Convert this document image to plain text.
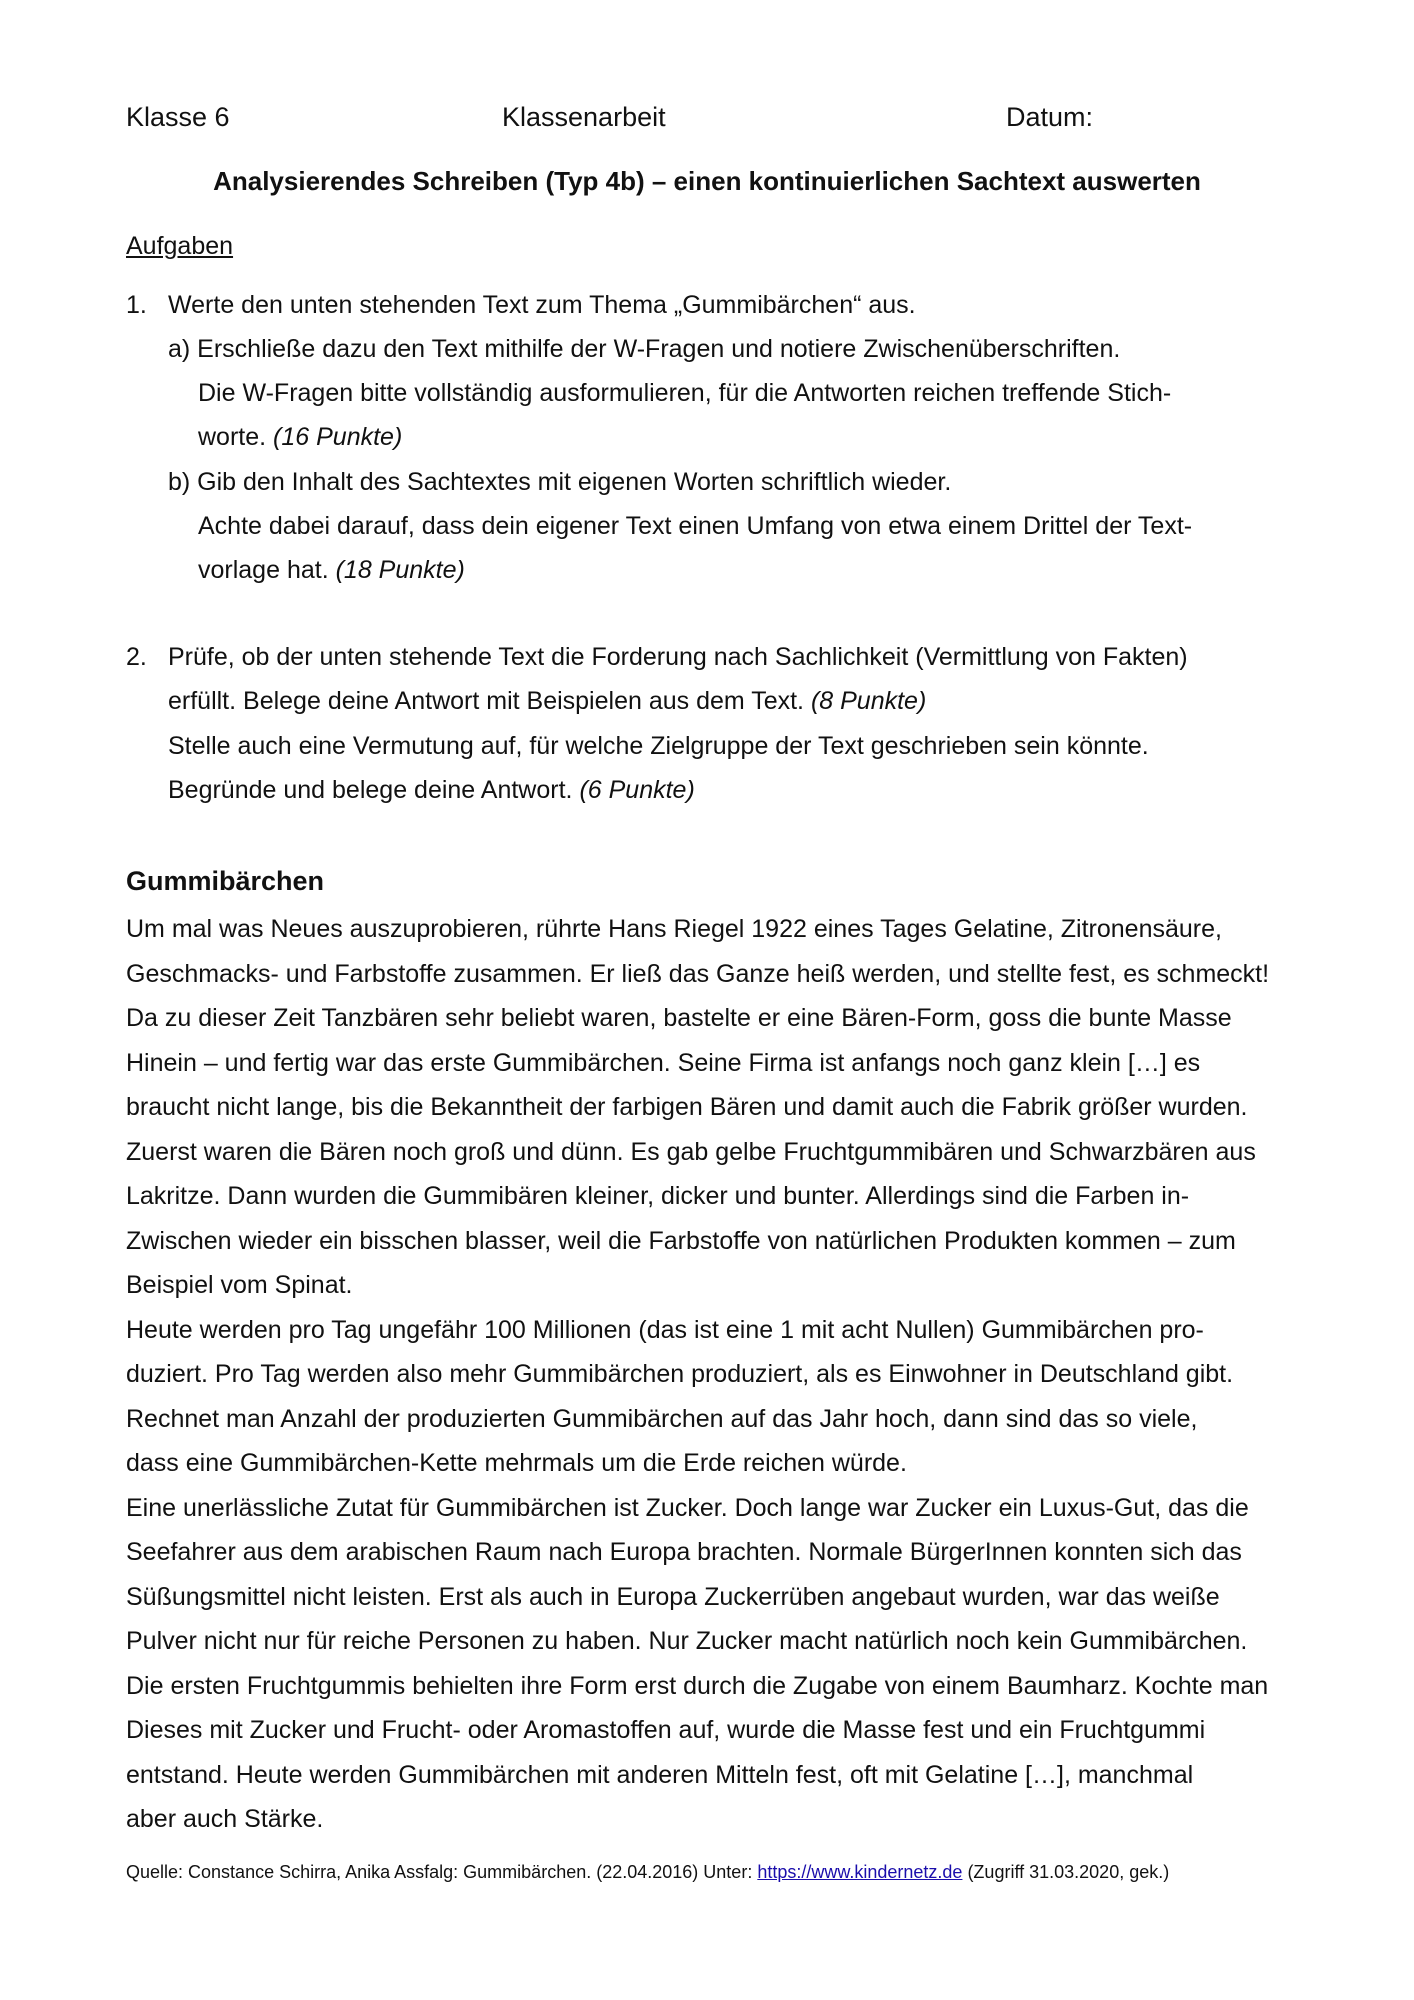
Klasse 6	Klassenarbeit	Datum:
Analysierendes Schreiben (Typ 4b) – einen kontinuierlichen Sachtext auswerten
Aufgaben
1. Werte den unten stehenden Text zum Thema „Gummibärchen“ aus.
a) Erschließe dazu den Text mithilfe der W-Fragen und notiere Zwischenüberschriften.
Die W-Fragen bitte vollständig ausformulieren, für die Antworten reichen treffende Stich-
worte. (16 Punkte)
b) Gib den Inhalt des Sachtextes mit eigenen Worten schriftlich wieder.
Achte dabei darauf, dass dein eigener Text einen Umfang von etwa einem Drittel der Text-
vorlage hat. (18 Punkte)
2. Prüfe, ob der unten stehende Text die Forderung nach Sachlichkeit (Vermittlung von Fakten)
erfüllt. Belege deine Antwort mit Beispielen aus dem Text. (8 Punkte)
Stelle auch eine Vermutung auf, für welche Zielgruppe der Text geschrieben sein könnte.
Begründe und belege deine Antwort. (6 Punkte)
Gummibärchen
Um mal was Neues auszuprobieren, rührte Hans Riegel 1922 eines Tages Gelatine, Zitronensäure,
Geschmacks- und Farbstoffe zusammen. Er ließ das Ganze heiß werden, und stellte fest, es schmeckt!
Da zu dieser Zeit Tanzbären sehr beliebt waren, bastelte er eine Bären-Form, goss die bunte Masse
Hinein – und fertig war das erste Gummibärchen. Seine Firma ist anfangs noch ganz klein […] es
braucht nicht lange, bis die Bekanntheit der farbigen Bären und damit auch die Fabrik größer wurden.
Zuerst waren die Bären noch groß und dünn. Es gab gelbe Fruchtgummibären und Schwarzbären aus
Lakritze. Dann wurden die Gummibären kleiner, dicker und bunter. Allerdings sind die Farben in-
Zwischen wieder ein bisschen blasser, weil die Farbstoffe von natürlichen Produkten kommen – zum
Beispiel vom Spinat.
Heute werden pro Tag ungefähr 100 Millionen (das ist eine 1 mit acht Nullen) Gummibärchen pro-
duziert. Pro Tag werden also mehr Gummibärchen produziert, als es Einwohner in Deutschland gibt.
Rechnet man Anzahl der produzierten Gummibärchen auf das Jahr hoch, dann sind das so viele,
dass eine Gummibärchen-Kette mehrmals um die Erde reichen würde.
Eine unerlässliche Zutat für Gummibärchen ist Zucker. Doch lange war Zucker ein Luxus-Gut, das die
Seefahrer aus dem arabischen Raum nach Europa brachten. Normale BürgerInnen konnten sich das
Süßungsmittel nicht leisten. Erst als auch in Europa Zuckerrüben angebaut wurden, war das weiße
Pulver nicht nur für reiche Personen zu haben. Nur Zucker macht natürlich noch kein Gummibärchen.
Die ersten Fruchtgummis behielten ihre Form erst durch die Zugabe von einem Baumharz. Kochte man
Dieses mit Zucker und Frucht- oder Aromastoffen auf, wurde die Masse fest und ein Fruchtgummi
entstand. Heute werden Gummibärchen mit anderen Mitteln fest, oft mit Gelatine […], manchmal
aber auch Stärke.
Quelle: Constance Schirra, Anika Assfalg: Gummibärchen. (22.04.2016) Unter: https://www.kindernetz.de (Zugriff 31.03.2020, gek.)
